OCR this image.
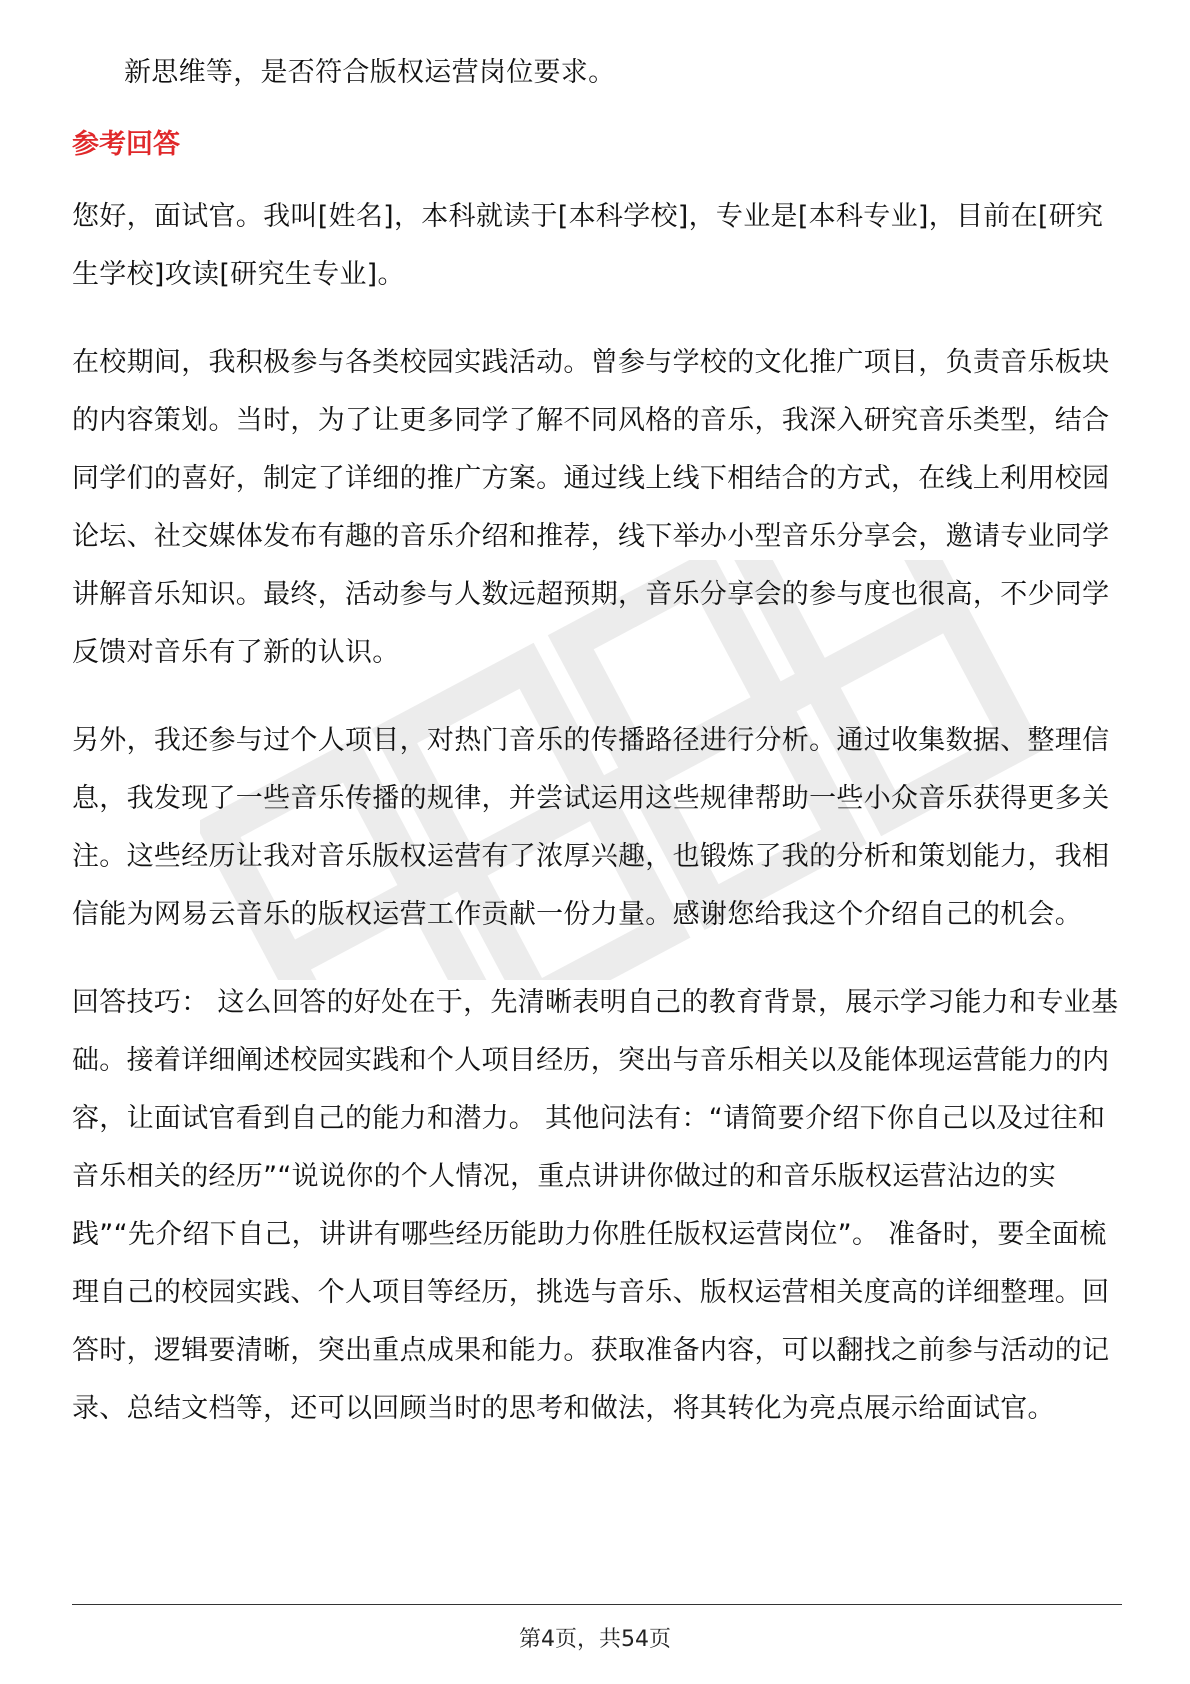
新思维等，是否符合版权运营岗位要求。

参考回答

您好，面试官。我叫[姓名]，本科就读于[本科学校]，专业是[本科专业]，目前在[研究生学校]攻读[研究生专业]。

在校期间，我积极参与各类校园实践活动。曾参与学校的文化推广项目，负责音乐板块的内容策划。当时，为了让更多同学了解不同风格的音乐，我深入研究音乐类型，结合同学们的喜好，制定了详细的推广方案。通过线上线下相结合的方式，在线上利用校园论坛、社交媒体发布有趣的音乐介绍和推荐，线下举办小型音乐分享会，邀请专业同学讲解音乐知识。最终，活动参与人数远超预期，音乐分享会的参与度也很高，不少同学反馈对音乐有了新的认识。

另外，我还参与过个人项目，对热门音乐的传播路径进行分析。通过收集数据、整理信息，我发现了一些音乐传播的规律，并尝试运用这些规律帮助一些小众音乐获得更多关注。这些经历让我对音乐版权运营有了浓厚兴趣，也锻炼了我的分析和策划能力，我相信能为网易云音乐的版权运营工作贡献一份力量。感谢您给我这个介绍自己的机会。

回答技巧： 这么回答的好处在于，先清晰表明自己的教育背景，展示学习能力和专业基础。接着详细阐述校园实践和个人项目经历，突出与音乐相关以及能体现运营能力的内容，让面试官看到自己的能力和潜力。 其他问法有：“请简要介绍下你自己以及过往和音乐相关的经历”“说说你的个人情况，重点讲讲你做过的和音乐版权运营沾边的实践”“先介绍下自己，讲讲有哪些经历能助力你胜任版权运营岗位”。 准备时，要全面梳理自己的校园实践、个人项目等经历，挑选与音乐、版权运营相关度高的详细整理。回答时，逻辑要清晰，突出重点成果和能力。获取准备内容，可以翻找之前参与活动的记录、总结文档等，还可以回顾当时的思考和做法，将其转化为亮点展示给面试官。

第4页，共54页
